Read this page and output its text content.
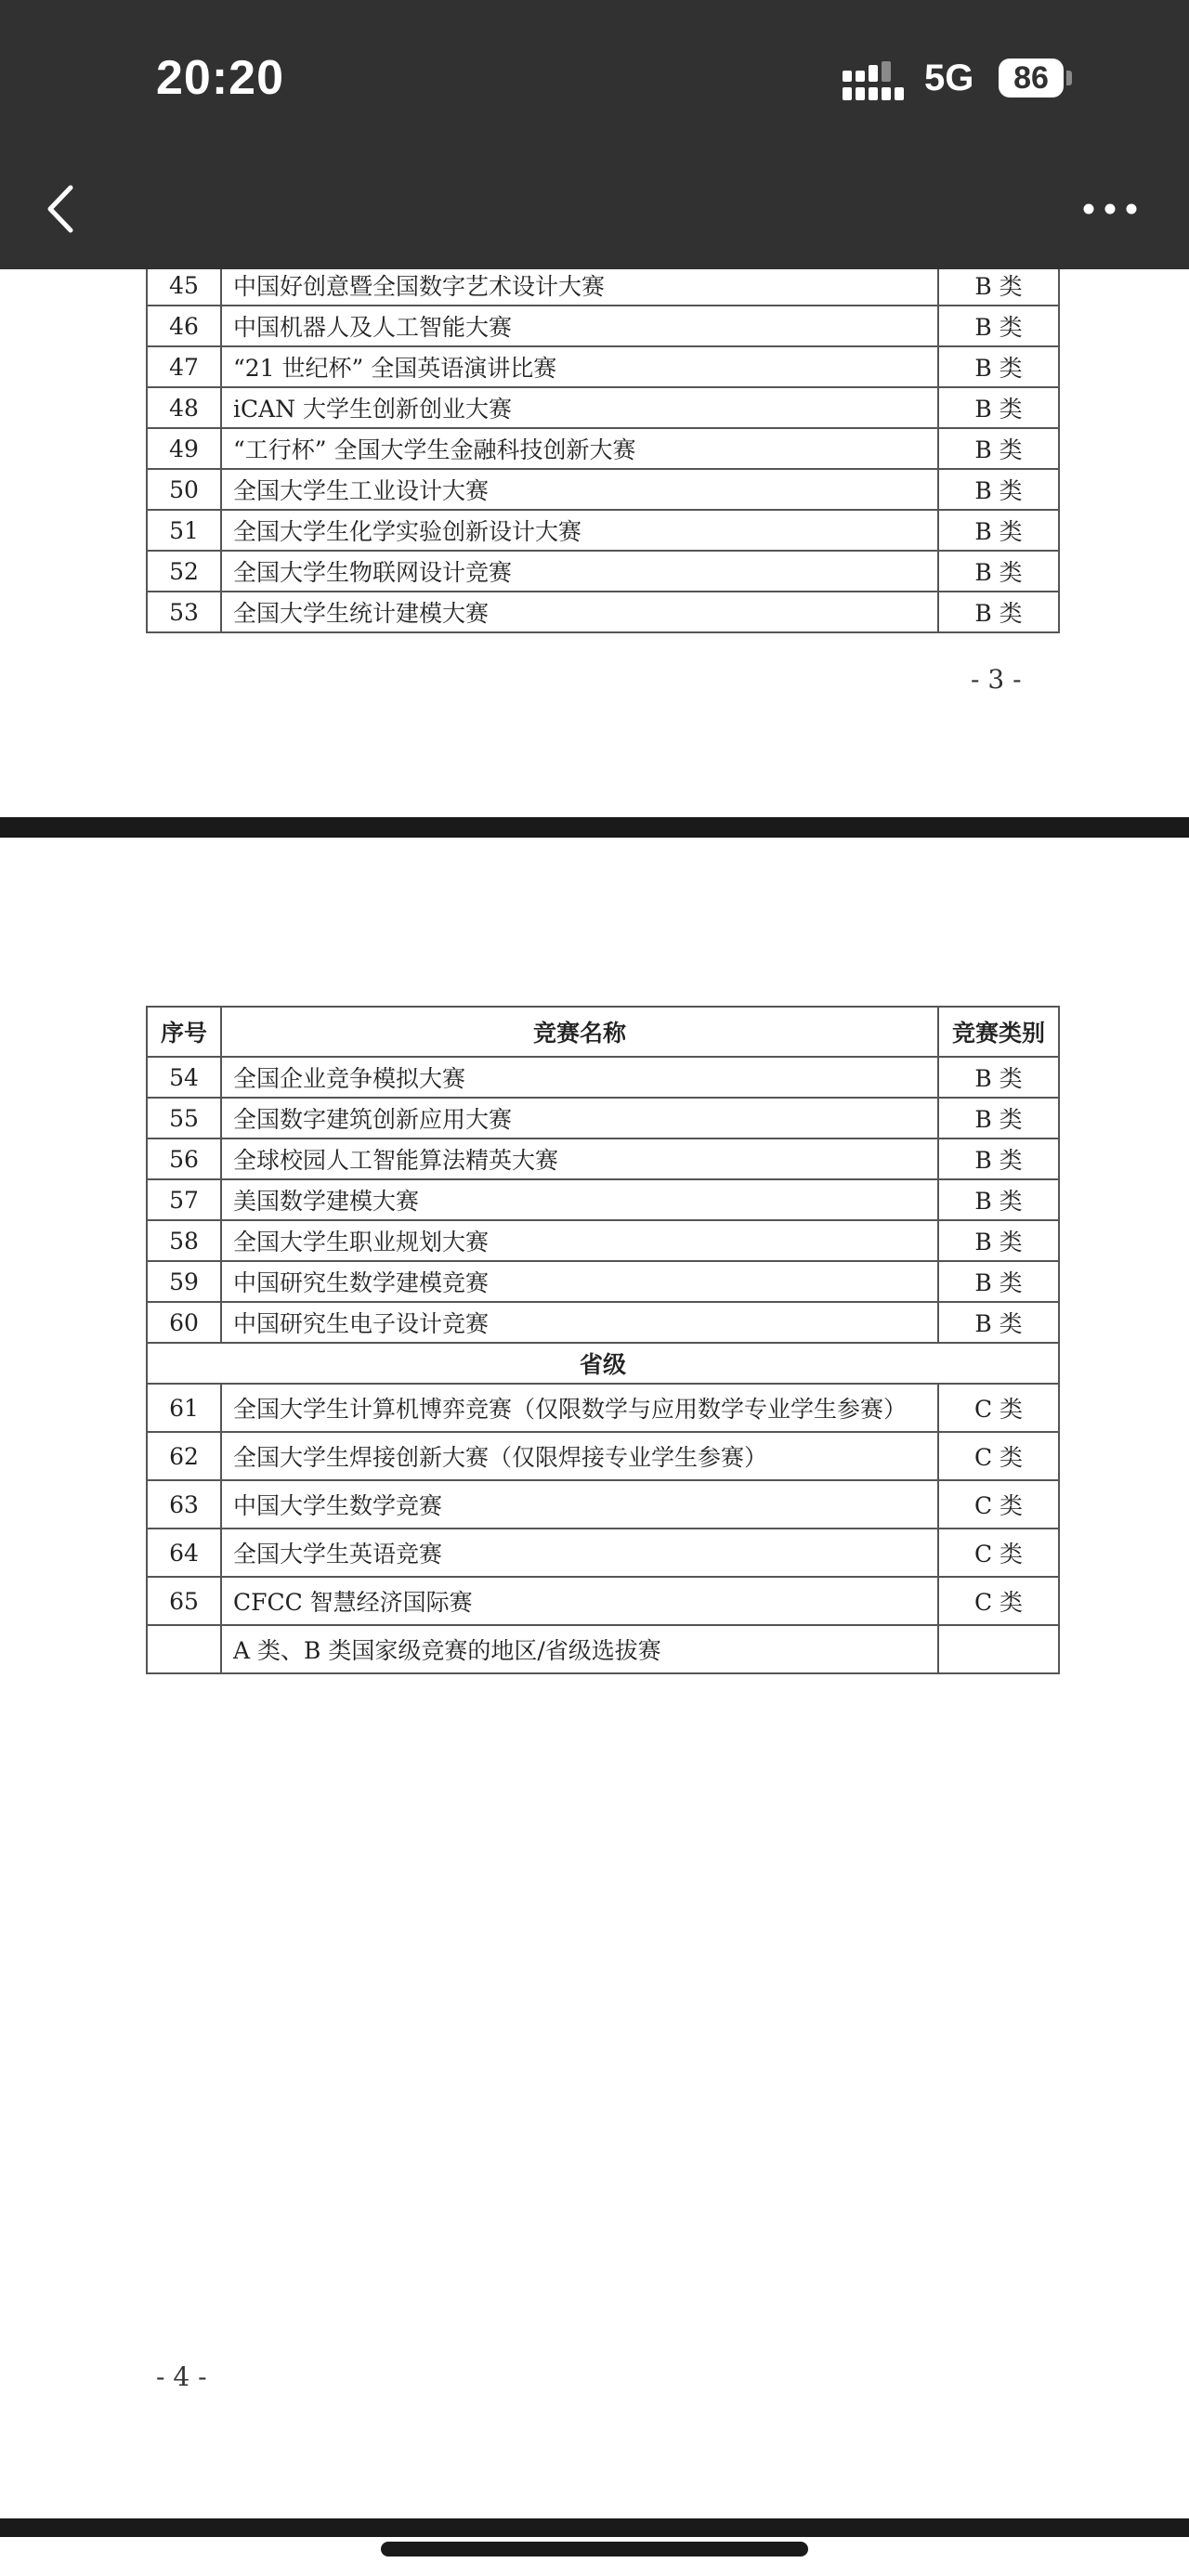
45	中国好创意暨全国数字艺术设计大赛	B 类
46	中国机器人及人工智能大赛	B 类
47	“21 世纪杯” 全国英语演讲比赛	B 类
48	iCAN 大学生创新创业大赛	B 类
49	“工行杯” 全国大学生金融科技创新大赛	B 类
50	全国大学生工业设计大赛	B 类
51	全国大学生化学实验创新设计大赛	B 类
52	全国大学生物联网设计竞赛	B 类
53	全国大学生统计建模大赛	B 类
- 3 -
序号	竞赛名称	竞赛类别
54	全国企业竞争模拟大赛	B 类
55	全国数字建筑创新应用大赛	B 类
56	全球校园人工智能算法精英大赛	B 类
57	美国数学建模大赛	B 类
58	全国大学生职业规划大赛	B 类
59	中国研究生数学建模竞赛	B 类
60	中国研究生电子设计竞赛	B 类
省级		
61	全国大学生计算机博弈竞赛（仅限数学与应用数学专业学生参赛）	C 类
62	全国大学生焊接创新大赛（仅限焊接专业学生参赛）	C 类
63	中国大学生数学竞赛	C 类
64	全国大学生英语竞赛	C 类
65	CFCC 智慧经济国际赛	C 类
	A 类、B 类国家级竞赛的地区/省级选拔赛	
- 4 -
20:20	5G	86
